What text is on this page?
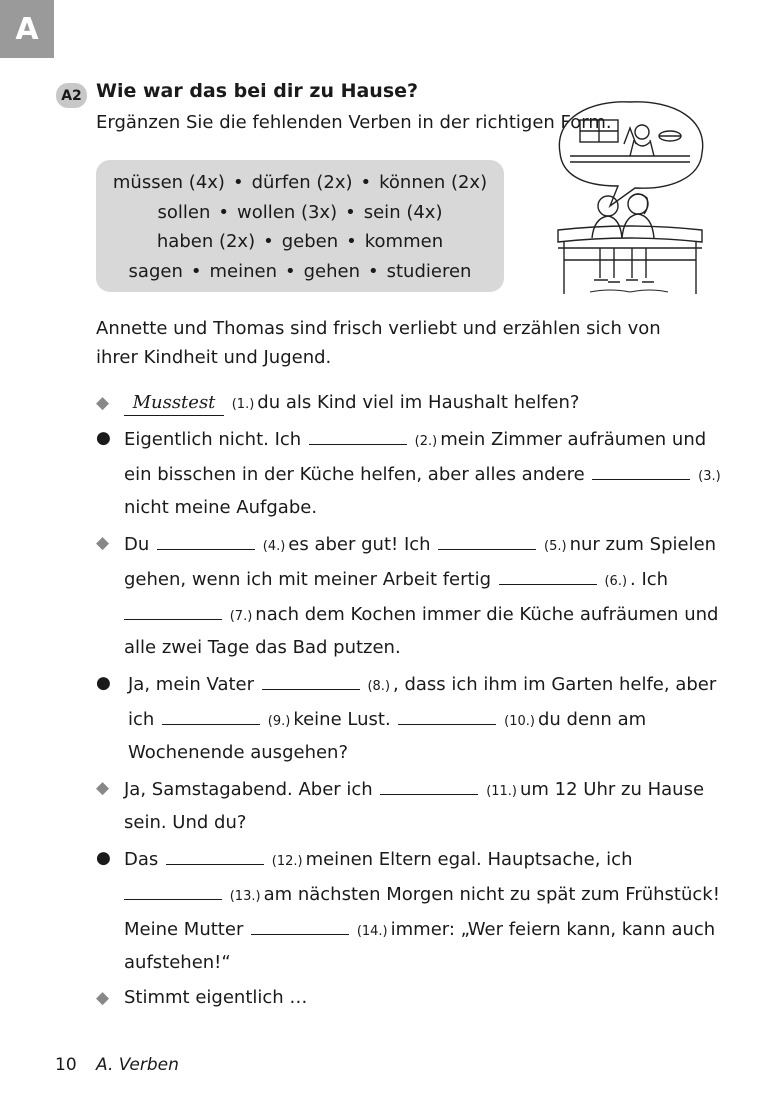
A
A2 Wie war das bei dir zu Hause?
Ergänzen Sie die fehlenden Verben in der richtigen Form.
müssen (4x) • dürfen (2x) • können (2x)
sollen • wollen (3x) • sein (4x)
haben (2x) • geben • kommen
sagen • meinen • gehen • studieren
Annette und Thomas sind frisch verliebt und erzählen sich von ihrer Kindheit und Jugend.
◆	Musstest (1.) du als Kind viel im Haushalt helfen?
● Eigentlich nicht. Ich	(2.) mein Zimmer aufräumen und
ein bisschen in der Küche helfen, aber alles andere	(3.)
nicht meine Aufgabe.
◆ Du	(4.) es aber gut! Ich	(5.) nur zum Spielen
gehen, wenn ich mit meiner Arbeit fertig	(6.) . Ich
(7.) nach dem Kochen immer die Küche aufräumen und
alle zwei Tage das Bad putzen.
● Ja, mein Vater	(8.) , dass ich ihm im Garten helfe, aber
ich	(9.) keine Lust.	(10.) du denn am
Wochenende ausgehen?
◆ Ja, Samstagabend. Aber ich	(11.) um 12 Uhr zu Hause
sein. Und du?
● Das	(12.) meinen Eltern egal. Hauptsache, ich
(13.) am nächsten Morgen nicht zu spät zum Frühstück!
Meine Mutter	(14.) immer: „Wer feiern kann, kann auch
aufstehen!“
◆ Stimmt eigentlich …
10 A. Verben
